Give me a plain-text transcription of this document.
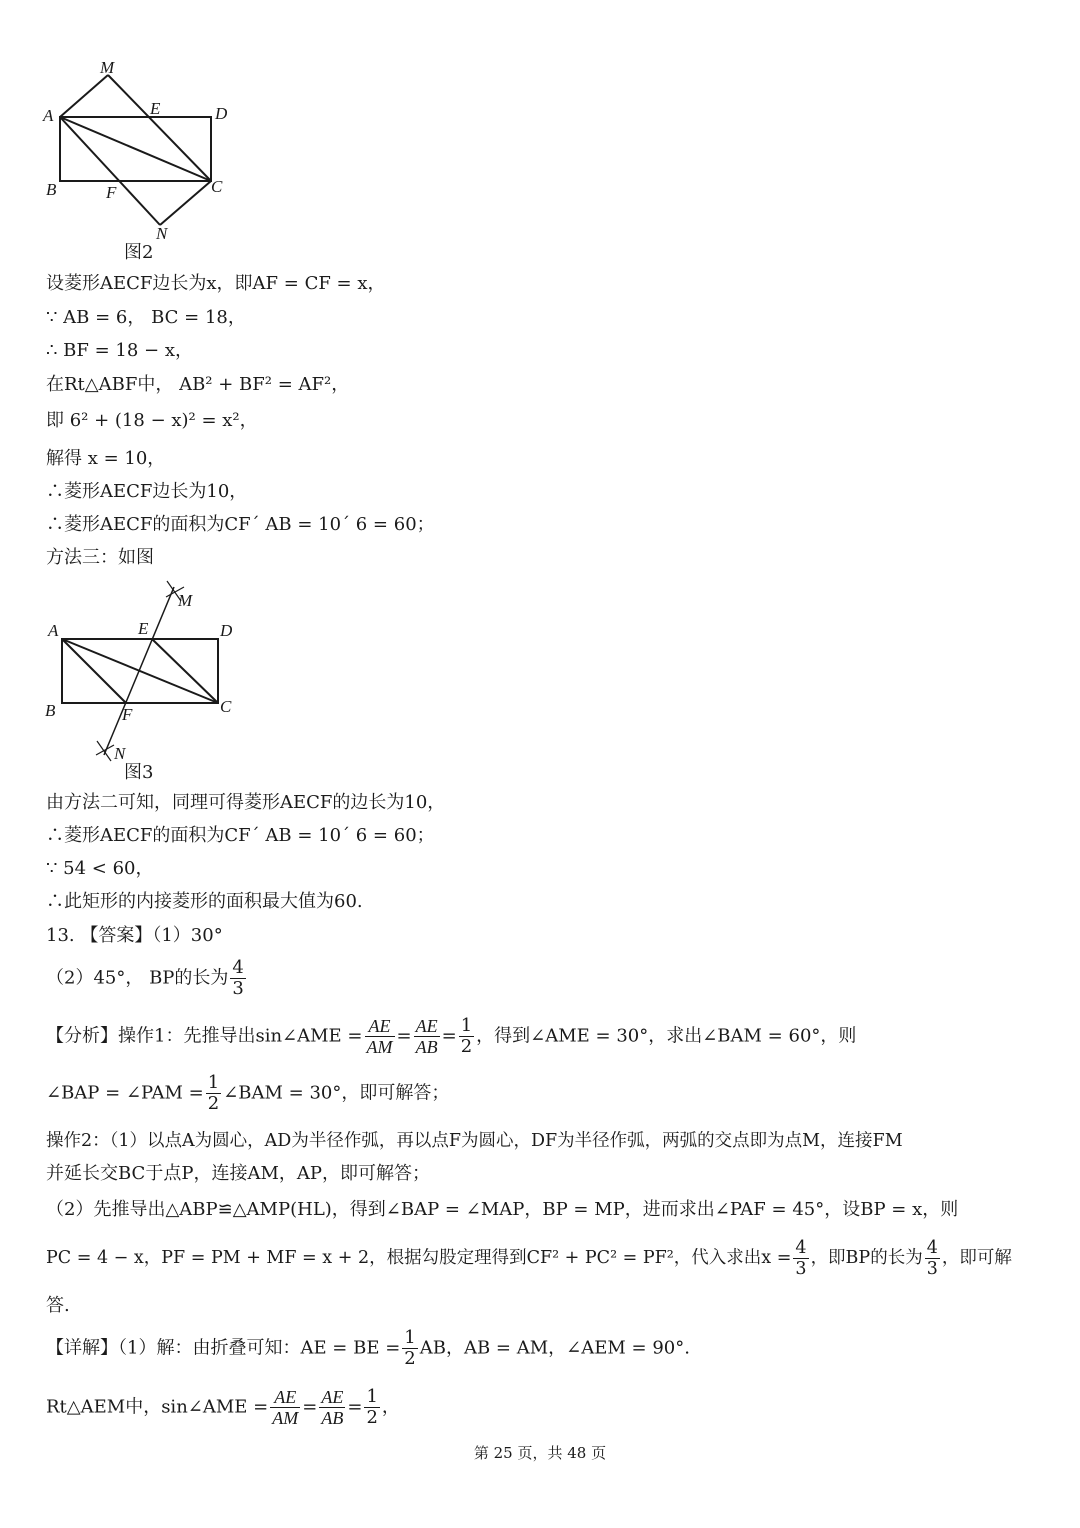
M
A	E	D
B	F	C
N
图2
设菱形AECF边长为x，即AF = CF = x，
∵ AB = 6， BC = 18，
∴ BF = 18 − x，
在Rt△ABF中， AB² + BF² = AF²，
即 6² + (18 − x)² = x²，
解得 x = 10，
∴菱形AECF边长为10，
∴菱形AECF的面积为CF´ AB = 10´ 6 = 60；
方法三：如图
M
A	E	D
B	F	C
N
图3
由方法二可知，同理可得菱形AECF的边长为10，
∴菱形AECF的面积为CF´ AB = 10´ 6 = 60；
∵ 54 < 60，
∴此矩形的内接菱形的面积最大值为60.
13. 【答案】（1）30°
（2）45°， BP的长为 $\frac{4}{3}$
【分析】操作1：先推导出sin∠AME = $\frac{AE}{AM} = \frac{AE}{AB} = \frac{1}{2}$ ，得到∠AME = 30°，求出∠BAM = 60°，则
∠BAP = ∠PAM = $\frac{1}{2}$ ∠BAM = 30°，即可解答；
操作2：（1）以点A为圆心，AD为半径作弧，再以点F为圆心，DF为半径作弧，两弧的交点即为点M，连接FM
并延长交BC于点P，连接AM，AP，即可解答；
（2）先推导出△ABP≌△AMP(HL)，得到∠BAP = ∠MAP，BP = MP，进而求出∠PAF = 45°，设BP = x，则
PC = 4 − x，PF = PM + MF = x + 2，根据勾股定理得到CF² + PC² = PF²，代入求出$x = \frac{4}{3}$ ，即BP的长为 $\frac{4}{3}$ ，即可解
答.
【详解】（1）解：由折叠可知：AE = BE = $\frac{1}{2}$ AB，AB = AM，∠AEM = 90°.
Rt△AEM中，sin∠AME = $\frac{AE}{AM} = \frac{AE}{AB} = \frac{1}{2}$ ，
第 25 页，共 48 页
